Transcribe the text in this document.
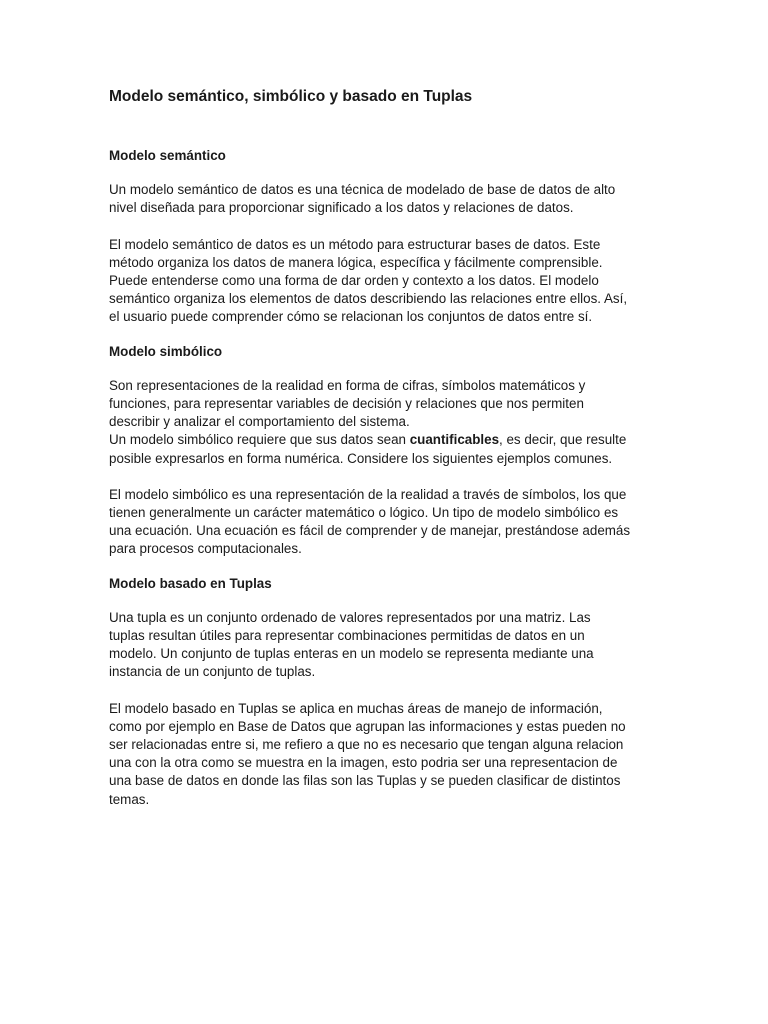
Modelo semántico, simbólico y basado en Tuplas
Modelo semántico

Un modelo semántico de datos es una técnica de modelado de base de datos de alto
nivel diseñada para proporcionar significado a los datos y relaciones de datos.

El modelo semántico de datos es un método para estructurar bases de datos. Este
método organiza los datos de manera lógica, específica y fácilmente comprensible.
Puede entenderse como una forma de dar orden y contexto a los datos. El modelo
semántico organiza los elementos de datos describiendo las relaciones entre ellos. Así,
el usuario puede comprender cómo se relacionan los conjuntos de datos entre sí.

Modelo simbólico

Son representaciones de la realidad en forma de cifras, símbolos matemáticos y
funciones, para representar variables de decisión y relaciones que nos permiten
describir y analizar el comportamiento del sistema.

Un modelo simbólico requiere que sus datos sean cuantificables, es decir, que resulte
posible expresarlos en forma numérica. Considere los siguientes ejemplos comunes.

El modelo simbólico es una representación de la realidad a través de símbolos, los que
tienen generalmente un carácter matemático o lógico. Un tipo de modelo simbólico es
una ecuación. Una ecuación es fácil de comprender y de manejar, prestándose además
para procesos computacionales.

Modelo basado en Tuplas

Una tupla es un conjunto ordenado de valores representados por una matriz. Las
tuplas resultan útiles para representar combinaciones permitidas de datos en un
modelo. Un conjunto de tuplas enteras en un modelo se representa mediante una
instancia de un conjunto de tuplas.

El modelo basado en Tuplas se aplica en muchas áreas de manejo de información,
como por ejemplo en Base de Datos que agrupan las informaciones y estas pueden no
ser relacionadas entre si, me refiero a que no es necesario que tengan alguna relacion
una con la otra como se muestra en la imagen, esto podria ser una representacion de
una base de datos en donde las filas son las Tuplas y se pueden clasificar de distintos
temas.
